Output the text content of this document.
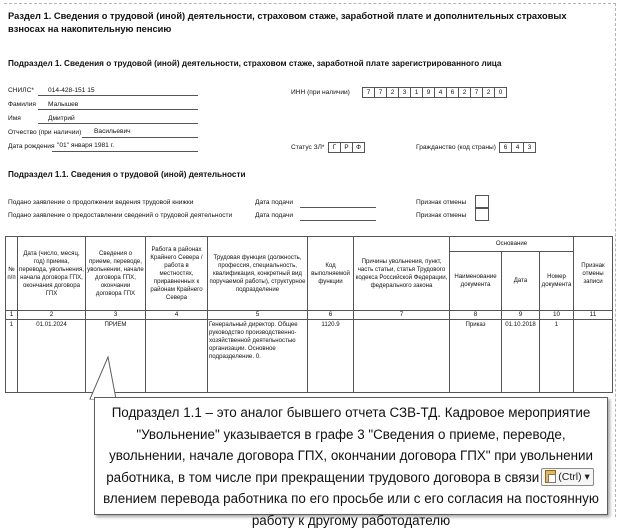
Раздел 1. Сведения о трудовой (иной) деятельности, страховом стаже, заработной плате и дополнительных страховых взносах на накопительную пенсию
Подраздел 1. Сведения о трудовой (иной) деятельности, страховом стаже, заработной плате зарегистрированного лица
СНИЛС* 014-428-151 15
Фамилия Малышев
Имя	Дмитрий
Отчество (при наличии) Васильевич
Дата рождения "01" января 1981 г.
ИНН (при наличии)	7	7	2	3	1	9	4	6	2	7	2	0
Статус ЗЛ*	Г	Р	Ф	Гражданство (код страны)	6	4	3
Подраздел 1.1. Сведения о трудовой (иной) деятельности
Подано заявление о продолжении ведения трудовой книжки	Дата подачи	Признак отмены
Подано заявление о предоставлении сведений о трудовой деятельности	Дата подачи	Признак отмены
№ п/п	Дата (число, месяц, год) приема, перевода, увольнения, начала договора ГПХ, окончания договора ГПХ	Сведения о приеме, переводе, увольнении, начале договора ГПХ, окончании договора ГПХ	Работа в районах Крайнего Севера / работа в местностях, приравненных к районам Крайнего Севера	Трудовая функция (должность, профессия, специальность, квалификация, конкретный вид поручаемой работы), структурное подразделение	Код выполняемой функции	Причины увольнения, пункт, часть статьи, статья Трудового кодекса Российской Федерации, федерального закона	Основание			Признак отмены записи
							Наименование документа	Дата	Номер документа	
1	2	3	4	5	6	7	8	9	10	11
1	01.01.2024	ПРИЕМ		Генеральный директор. Общее руководство производственно-хозяйственной деятельностью организации. Основное подразделение. 0.	1120.9		Приказ	01.10.2018	1	
Подраздел 1.1 – это аналог бывшего отчета СЗВ-ТД. Кадровое мероприятие "Увольнение" указывается в графе 3 "Сведения о приеме, переводе, увольнении, начале договора ГПХ, окончании договора ГПХ" при увольнении работника, в том числе при прекращении трудового договора в связи (Ctrl) ▾влением перевода работника по его просьбе или с его согласия на постоянную работу к другому работодателю
